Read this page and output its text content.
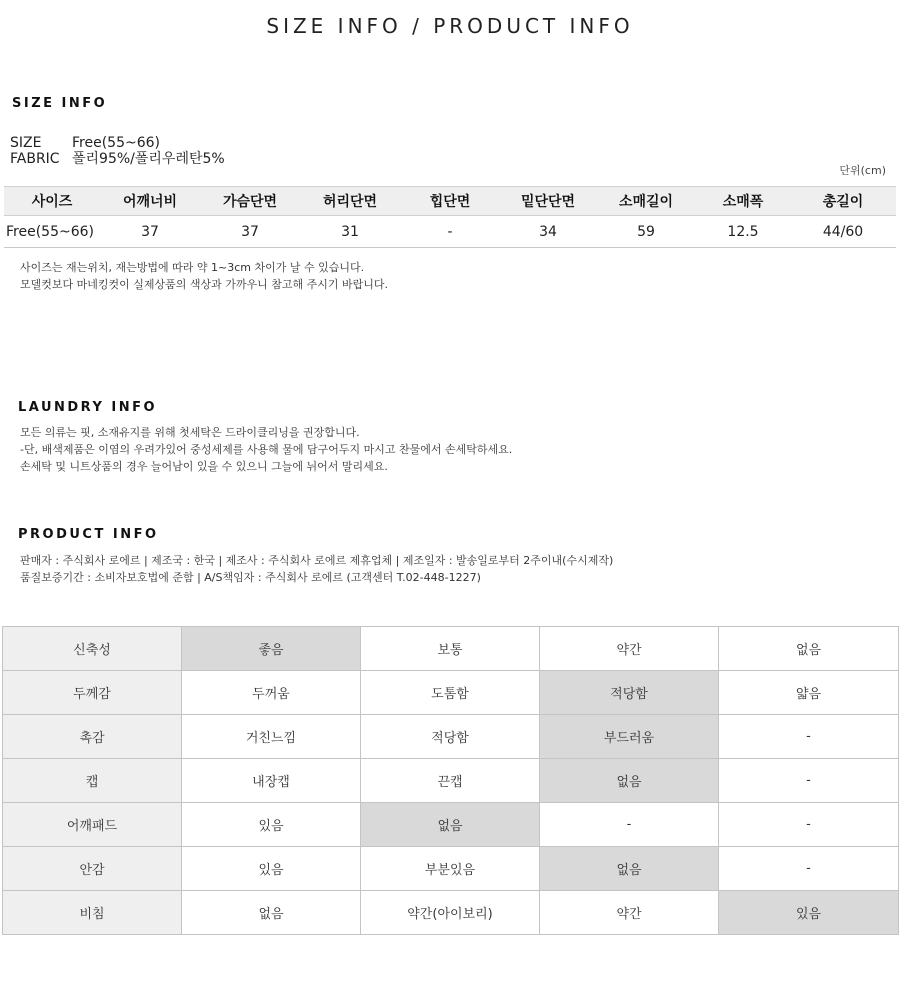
SIZE INFO / PRODUCT INFO
SIZE INFO
SIZE Free(55~66)
FABRIC 폴리95%/폴리우레탄5%
단위(cm)
사이즈	어깨너비	가슴단면	허리단면	힙단면	밑단단면	소매길이	소매폭	총길이
Free(55~66)	37	37	31	-	34	59	12.5	44/60
사이즈는 재는위치, 재는방법에 따라 약 1~3cm 차이가 날 수 있습니다.
모델컷보다 마네킹컷이 실제상품의 색상과 가까우니 참고해 주시기 바랍니다.
LAUNDRY INFO
모든 의류는 핏, 소재유지를 위해 첫세탁은 드라이클리닝을 권장합니다.
-단, 배색제품은 이염의 우려가있어 중성세제를 사용해 물에 담구어두지 마시고 찬물에서 손세탁하세요.
손세탁 및 니트상품의 경우 늘어남이 있을 수 있으니 그늘에 뉘어서 말리세요.
PRODUCT INFO
판매자 : 주식회사 로에르 | 제조국 : 한국 | 제조사 : 주식회사 로에르 제휴업체 | 제조일자 : 발송일로부터 2주이내(수시제작)
품질보증기간 : 소비자보호법에 준함 | A/S책임자 : 주식회사 로에르 (고객센터 T.02-448-1227)
신축성	좋음	보통	약간	없음
두께감	두꺼움	도톰함	적당함	얇음
촉감	거친느낌	적당함	부드러움	-
캡	내장캡	끈캡	없음	-
어깨패드	있음	없음	-	-
안감	있음	부분있음	없음	-
비침	없음	약간(아이보리)	약간	있음
